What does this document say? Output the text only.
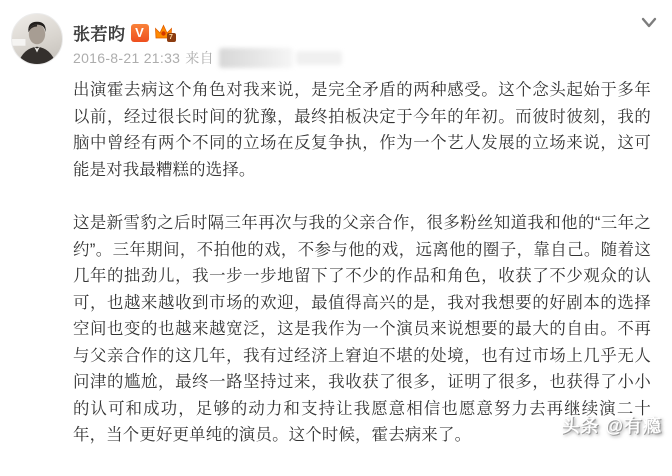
张若昀 V	7
2016-8-21 21:33 来自

出演霍去病这个角色对我来说，是完全矛盾的两种感受。这个念头起始于多年以前，经过很长时间的犹豫，最终拍板决定于今年的年初。而彼时彼刻，我的脑中曾经有两个不同的立场在反复争执，作为一个艺人发展的立场来说，这可能是对我最糟糕的选择。

这是新雪豹之后时隔三年再次与我的父亲合作，很多粉丝知道我和他的“三年之约”。三年期间，不拍他的戏，不参与他的戏，远离他的圈子，靠自己。随着这几年的拙劲儿，我一步一步地留下了不少的作品和角色，收获了不少观众的认可，也越来越收到市场的欢迎，最值得高兴的是，我对我想要的好剧本的选择空间也变的也越来越宽泛，这是我作为一个演员来说想要的最大的自由。不再与父亲合作的这几年，我有过经济上窘迫不堪的处境，也有过市场上几乎无人问津的尴尬，最终一路坚持过来，我收获了很多，证明了很多，也获得了小小的认可和成功，足够的动力和支持让我愿意相信也愿意努力去再继续演二十年，当个更好更单纯的演员。这个时候，霍去病来了。	头条 @有瘾
